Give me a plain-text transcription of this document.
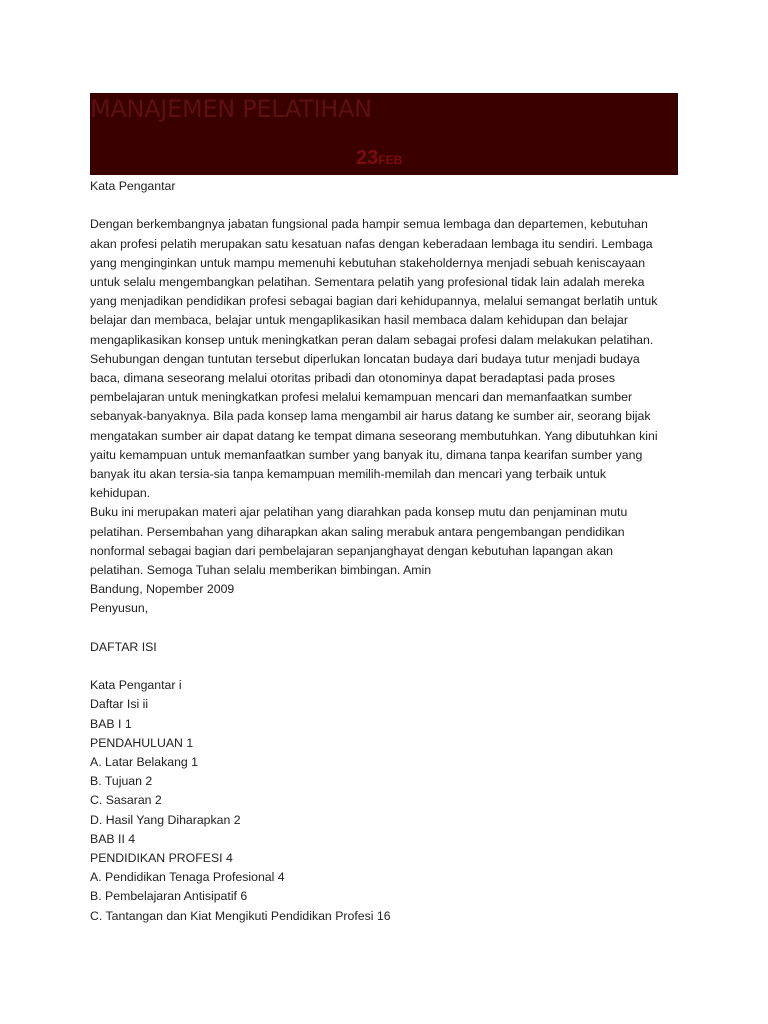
MANAJEMEN PELATIHAN
23FEB

Kata Pengantar

Dengan berkembangnya jabatan fungsional pada hampir semua lembaga dan departemen, kebutuhan
akan profesi pelatih merupakan satu kesatuan nafas dengan keberadaan lembaga itu sendiri. Lembaga
yang menginginkan untuk mampu memenuhi kebutuhan stakeholdernya menjadi sebuah keniscayaan
untuk selalu mengembangkan pelatihan. Sementara pelatih yang profesional tidak lain adalah mereka
yang menjadikan pendidikan profesi sebagai bagian dari kehidupannya, melalui semangat berlatih untuk
belajar dan membaca, belajar untuk mengaplikasikan hasil membaca dalam kehidupan dan belajar
mengaplikasikan konsep untuk meningkatkan peran dalam sebagai profesi dalam melakukan pelatihan.
Sehubungan dengan tuntutan tersebut diperlukan loncatan budaya dari budaya tutur menjadi budaya
baca, dimana seseorang melalui otoritas pribadi dan otonominya dapat beradaptasi pada proses
pembelajaran untuk meningkatkan profesi melalui kemampuan mencari dan memanfaatkan sumber
sebanyak-banyaknya. Bila pada konsep lama mengambil air harus datang ke sumber air, seorang bijak
mengatakan sumber air dapat datang ke tempat dimana seseorang membutuhkan. Yang dibutuhkan kini
yaitu kemampuan untuk memanfaatkan sumber yang banyak itu, dimana tanpa kearifan sumber yang
banyak itu akan tersia-sia tanpa kemampuan memilih-memilah dan mencari yang terbaik untuk
kehidupan.
Buku ini merupakan materi ajar pelatihan yang diarahkan pada konsep mutu dan penjaminan mutu
pelatihan. Persembahan yang diharapkan akan saling merabuk antara pengembangan pendidikan
nonformal sebagai bagian dari pembelajaran sepanjanghayat dengan kebutuhan lapangan akan
pelatihan. Semoga Tuhan selalu memberikan bimbingan. Amin

Bandung, Nopember 2009

Penyusun,

DAFTAR ISI

Kata Pengantar i
Daftar Isi ii
BAB I 1
PENDAHULUAN 1
A. Latar Belakang 1
B. Tujuan 2
C. Sasaran 2
D. Hasil Yang Diharapkan 2
BAB II 4
PENDIDIKAN PROFESI 4
A. Pendidikan Tenaga Profesional 4
B. Pembelajaran Antisipatif 6
C. Tantangan dan Kiat Mengikuti Pendidikan Profesi 16
